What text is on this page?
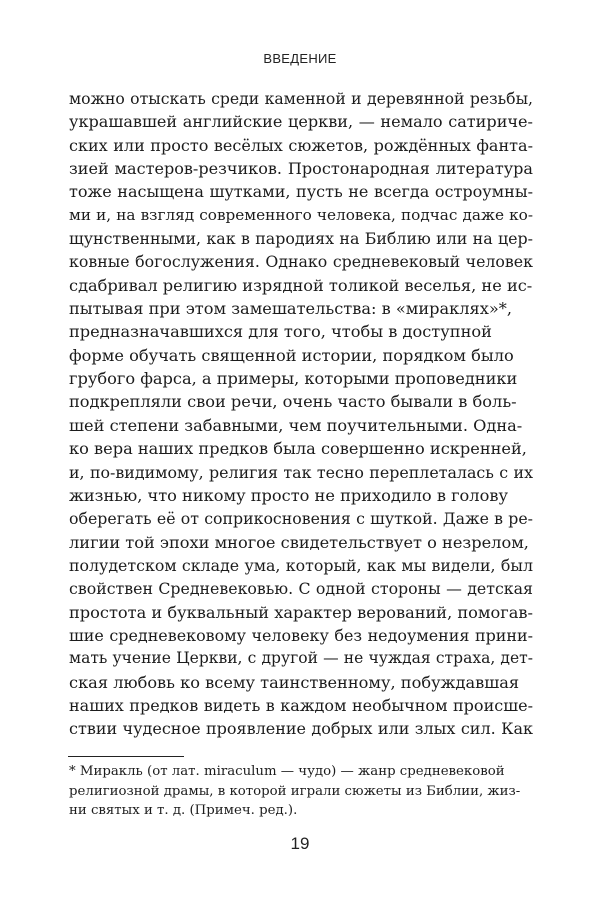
ВВЕДЕНИЕ
можно отыскать среди каменной и деревянной резьбы,
украшавшей английские церкви, — немало сатириче-
ских или просто весёлых сюжетов, рождённых фанта-
зией мастеров-резчиков. Простонародная литература
тоже насыщена шутками, пусть не всегда остроумны-
ми и, на взгляд современного человека, подчас даже ко-
щунственными, как в пародиях на Библию или на цер-
ковные богослужения. Однако средневековый человек
сдабривал религию изрядной толикой веселья, не ис-
пытывая при этом замешательства: в «мираклях»*,
предназначавшихся для того, чтобы в доступной
форме обучать священной истории, порядком было
грубого фарса, а примеры, которыми проповедники
подкрепляли свои речи, очень часто бывали в боль-
шей степени забавными, чем поучительными. Одна-
ко вера наших предков была совершенно искренней,
и, по-видимому, религия так тесно переплеталась с их
жизнью, что никому просто не приходило в голову
оберегать её от соприкосновения с шуткой. Даже в ре-
лигии той эпохи многое свидетельствует о незрелом,
полудетском складе ума, который, как мы видели, был
свойствен Средневековью. С одной стороны — детская
простота и буквальный характер верований, помогав-
шие средневековому человеку без недоумения прини-
мать учение Церкви, с другой — не чуждая страха, дет-
ская любовь ко всему таинственному, побуждавшая
наших предков видеть в каждом необычном происше-
ствии чудесное проявление добрых или злых сил. Как
* Миракль (от лат. miraculum — чудо) — жанр средневековой
религиозной драмы, в которой играли сюжеты из Библии, жиз-
ни святых и т. д. (Примеч. ред.).
19
